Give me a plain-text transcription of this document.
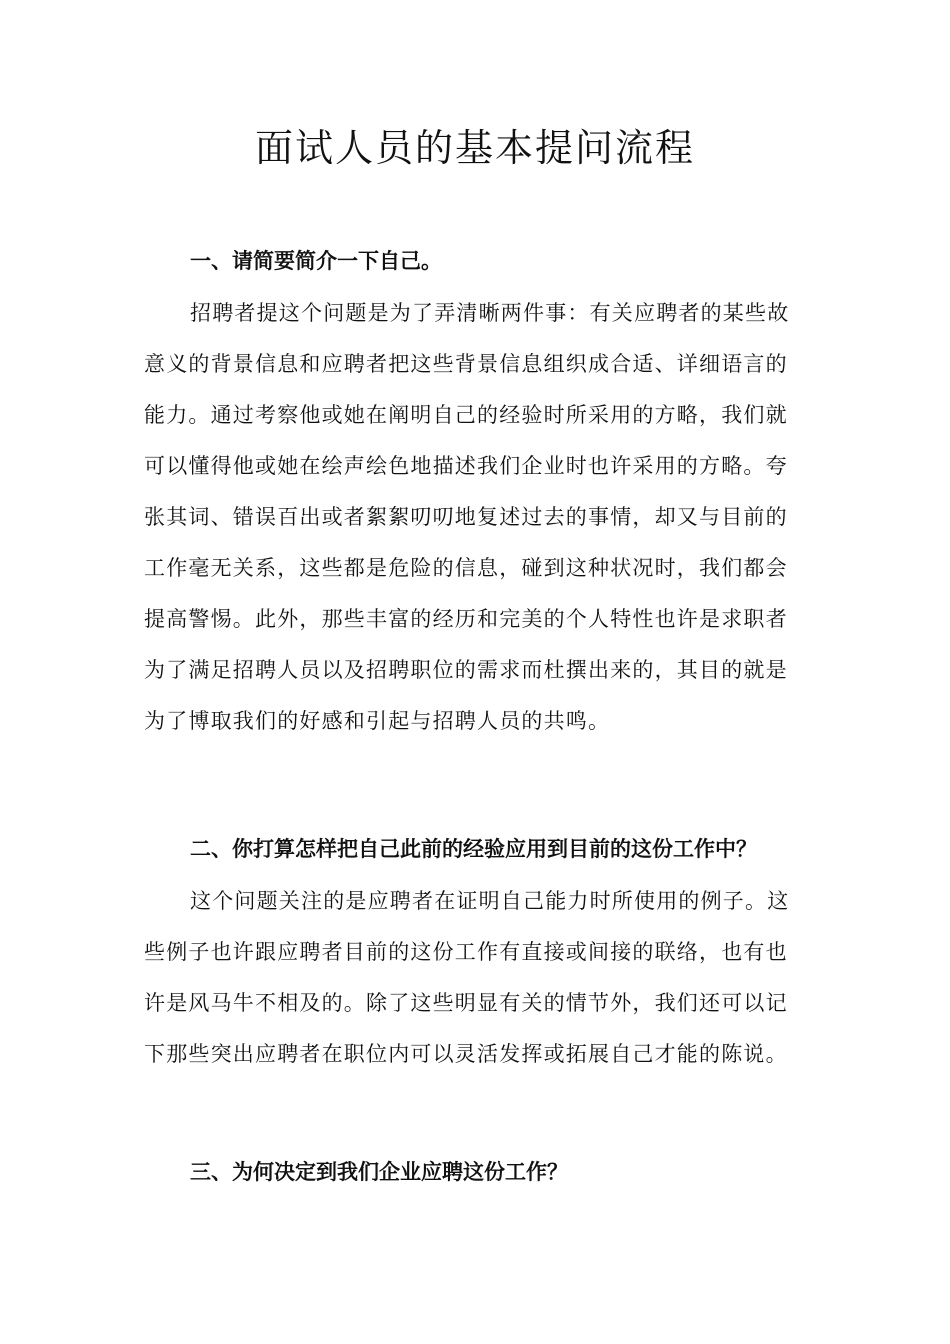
面试人员的基本提问流程
一、请简要简介一下自己。
招聘者提这个问题是为了弄清晰两件事：有关应聘者的某些故
意义的背景信息和应聘者把这些背景信息组织成合适、详细语言的
能力。通过考察他或她在阐明自己的经验时所采用的方略，我们就
可以懂得他或她在绘声绘色地描述我们企业时也许采用的方略。夸
张其词、错误百出或者絮絮叨叨地复述过去的事情，却又与目前的
工作毫无关系，这些都是危险的信息，碰到这种状况时，我们都会
提高警惕。此外，那些丰富的经历和完美的个人特性也许是求职者
为了满足招聘人员以及招聘职位的需求而杜撰出来的，其目的就是
为了博取我们的好感和引起与招聘人员的共鸣。
二、你打算怎样把自己此前的经验应用到目前的这份工作中？
这个问题关注的是应聘者在证明自己能力时所使用的例子。这
些例子也许跟应聘者目前的这份工作有直接或间接的联络，也有也
许是风马牛不相及的。除了这些明显有关的情节外，我们还可以记
下那些突出应聘者在职位内可以灵活发挥或拓展自己才能的陈说。
三、为何决定到我们企业应聘这份工作？
